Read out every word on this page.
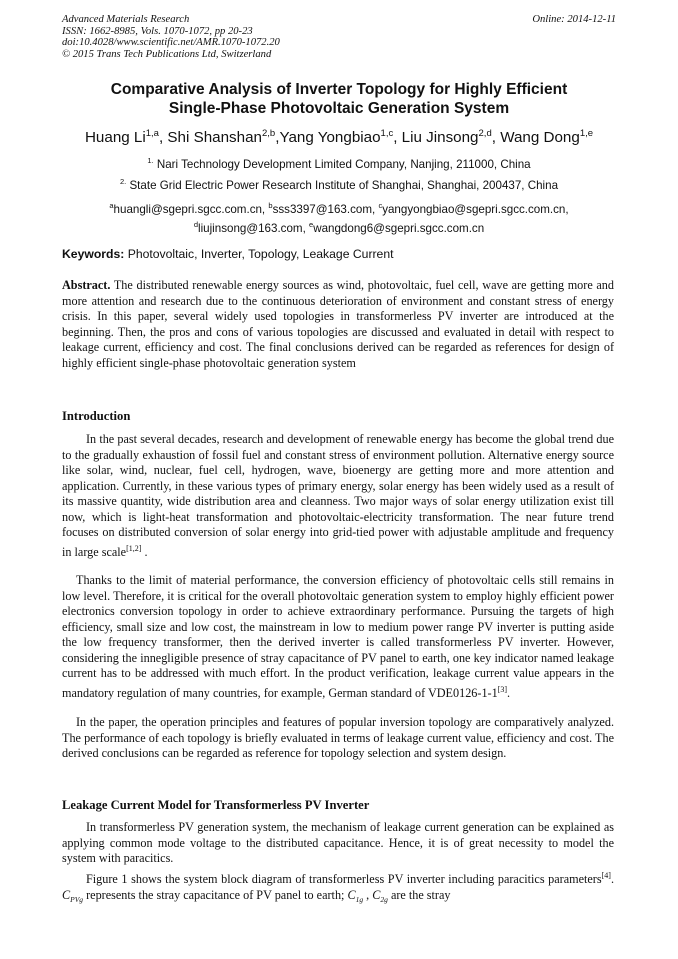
Advanced Materials Research
ISSN: 1662-8985, Vols. 1070-1072, pp 20-23
doi:10.4028/www.scientific.net/AMR.1070-1072.20
© 2015 Trans Tech Publications Ltd, Switzerland
Online: 2014-12-11
Comparative Analysis of Inverter Topology for Highly Efficient
Single-Phase Photovoltaic Generation System
Huang Li$^{1,a}$, Shi Shanshan$^{2,b}$,Yang Yongbiao$^{1,c}$, Liu Jinsong$^{2,d}$, Wang Dong$^{1,e}$
$^{1.}$ Nari Technology Development Limited Company, Nanjing, 211000, China
$^{2.}$ State Grid Electric Power Research Institute of Shanghai, Shanghai, 200437, China
$^a$huangli@sgepri.sgcc.com.cn, $^b$sss3397@163.com, $^c$yangyongbiao@sgepri.sgcc.com.cn,
$^d$liujinsong@163.com, $^e$wangdong6@sgepri.sgcc.com.cn
Keywords: Photovoltaic, Inverter, Topology, Leakage Current
Abstract. The distributed renewable energy sources as wind, photovoltaic, fuel cell, wave are getting more and more attention and research due to the continuous deterioration of environment and constant stress of energy crisis. In this paper, several widely used topologies in transformerless PV inverter are introduced at the beginning. Then, the pros and cons of various topologies are discussed and evaluated in detail with respect to leakage current, efficiency and cost. The final conclusions derived can be regarded as references for design of highly efficient single-phase photovoltaic generation system
Introduction
In the past several decades, research and development of renewable energy has become the global trend due to the gradually exhaustion of fossil fuel and constant stress of environment pollution. Alternative energy source like solar, wind, nuclear, fuel cell, hydrogen, wave, bioenergy are getting more and more attention and application. Currently, in these various types of primary energy, solar energy has been widely used as a result of its massive quantity, wide distribution area and cleanness. Two major ways of solar energy utilization exist till now, which is light-heat transformation and photovoltaic-electricity transformation. The near future trend focuses on distributed conversion of solar energy into grid-tied power with adjustable amplitude and frequency in large scale[1,2] .
Thanks to the limit of material performance, the conversion efficiency of photovoltaic cells still remains in low level. Therefore, it is critical for the overall photovoltaic generation system to employ highly efficient power electronics conversion topology in order to achieve extraordinary performance. Pursuing the targets of high efficiency, small size and low cost, the mainstream in low to medium power range PV inverter is putting aside the low frequency transformer, then the derived inverter is called transformerless PV inverter. However, considering the innegligible presence of stray capacitance of PV panel to earth, one key indicator named leakage current has to be addressed with much effort. In the product verification, leakage current value appears in the mandatory regulation of many countries, for example, German standard of VDE0126-1-1[3].
In the paper, the operation principles and features of popular inversion topology are comparatively analyzed. The performance of each topology is briefly evaluated in terms of leakage current value, efficiency and cost. The derived conclusions can be regarded as reference for topology selection and system design.
Leakage Current Model for Transformerless PV Inverter
In transformerless PV generation system, the mechanism of leakage current generation can be explained as applying common mode voltage to the distributed capacitance. Hence, it is of great necessity to model the system with paracitics.
Figure 1 shows the system block diagram of transformerless PV inverter including paracitics parameters[4]. $C_{PVg}$ represents the stray capacitance of PV panel to earth; $C_{1g}$ , $C_{2g}$ are the stray
